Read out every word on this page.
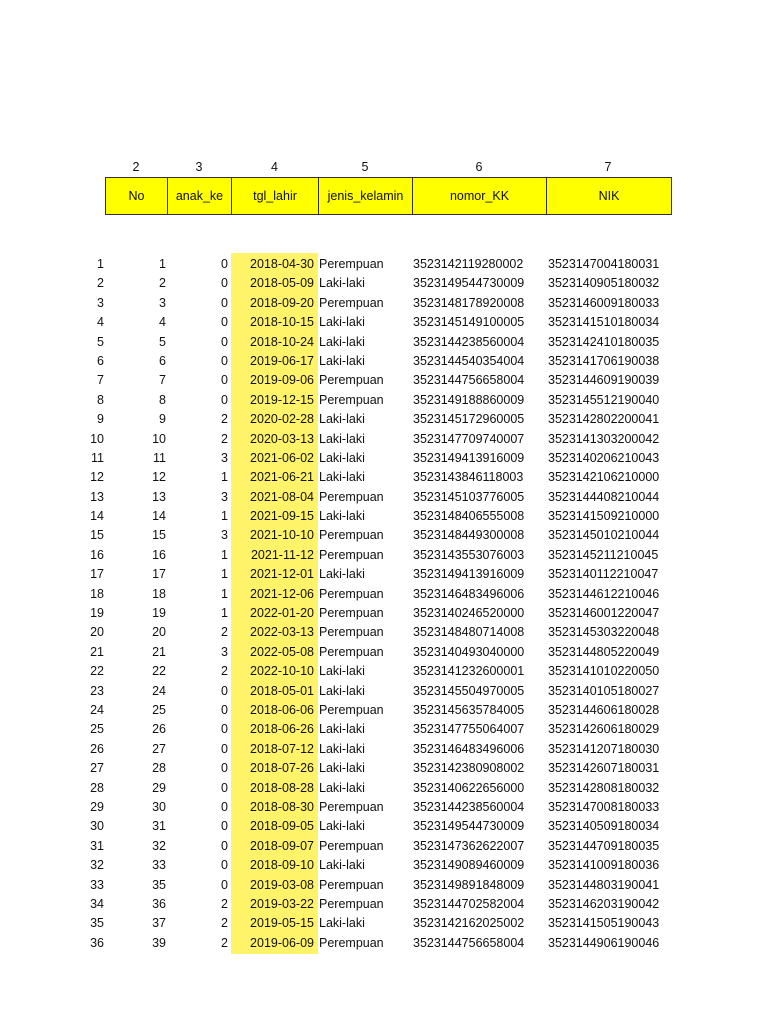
2	3	4	5	6	7
No	anak_ke	tgl_lahir	jenis_kelamin	nomor_KK	NIK
1	1	0	2018-04-30 Perempuan 3523142119280002 3523147004180031
2	2	0	2018-05-09 Laki-laki	3523149544730009 3523140905180032
3	3	0	2018-09-20 Perempuan 3523148178920008 3523146009180033
4	4	0	2018-10-15 Laki-laki	3523145149100005 3523141510180034
5	5	0	2018-10-24 Laki-laki	3523144238560004 3523142410180035
6	6	0	2019-06-17 Laki-laki	3523144540354004 3523141706190038
7	7	0	2019-09-06 Perempuan 3523144756658004 3523144609190039
8	8	0	2019-12-15 Perempuan 3523149188860009 3523145512190040
9	9	2	2020-02-28 Laki-laki	3523145172960005 3523142802200041
10	10	2	2020-03-13 Laki-laki	3523147709740007 3523141303200042
11	11	3	2021-06-02 Laki-laki	3523149413916009 3523140206210043
12	12	1	2021-06-21 Laki-laki	3523143846118003 3523142106210000
13	13	3	2021-08-04 Perempuan 3523145103776005 3523144408210044
14	14	1	2021-09-15 Laki-laki	3523148406555008 3523141509210000
15	15	3	2021-10-10 Perempuan 3523148449300008 3523145010210044
16	16	1	2021-11-12 Perempuan 3523143553076003 3523145211210045
17	17	1	2021-12-01 Laki-laki	3523149413916009 3523140112210047
18	18	1	2021-12-06 Perempuan 3523146483496006 3523144612210046
19	19	1	2022-01-20 Perempuan 3523140246520000 3523146001220047
20	20	2	2022-03-13 Perempuan 3523148480714008 3523145303220048
21	21	3	2022-05-08 Perempuan 3523140493040000 3523144805220049
22	22	2	2022-10-10 Laki-laki	3523141232600001 3523141010220050
23	24	0	2018-05-01 Laki-laki	3523145504970005 3523140105180027
24	25	0	2018-06-06 Perempuan 3523145635784005 3523144606180028
25	26	0	2018-06-26 Laki-laki	3523147755064007 3523142606180029
26	27	0	2018-07-12 Laki-laki	3523146483496006 3523141207180030
27	28	0	2018-07-26 Laki-laki	3523142380908002 3523142607180031
28	29	0	2018-08-28 Laki-laki	3523140622656000 3523142808180032
29	30	0	2018-08-30 Perempuan 3523144238560004 3523147008180033
30	31	0	2018-09-05 Laki-laki	3523149544730009 3523140509180034
31	32	0	2018-09-07 Perempuan 3523147362622007 3523144709180035
32	33	0	2018-09-10 Laki-laki	3523149089460009 3523141009180036
33	35	0	2019-03-08 Perempuan 3523149891848009 3523144803190041
34	36	2	2019-03-22 Perempuan 3523144702582004 3523146203190042
35	37	2	2019-05-15 Laki-laki	3523142162025002 3523141505190043
36	39	2	2019-06-09 Perempuan 3523144756658004 3523144906190046
